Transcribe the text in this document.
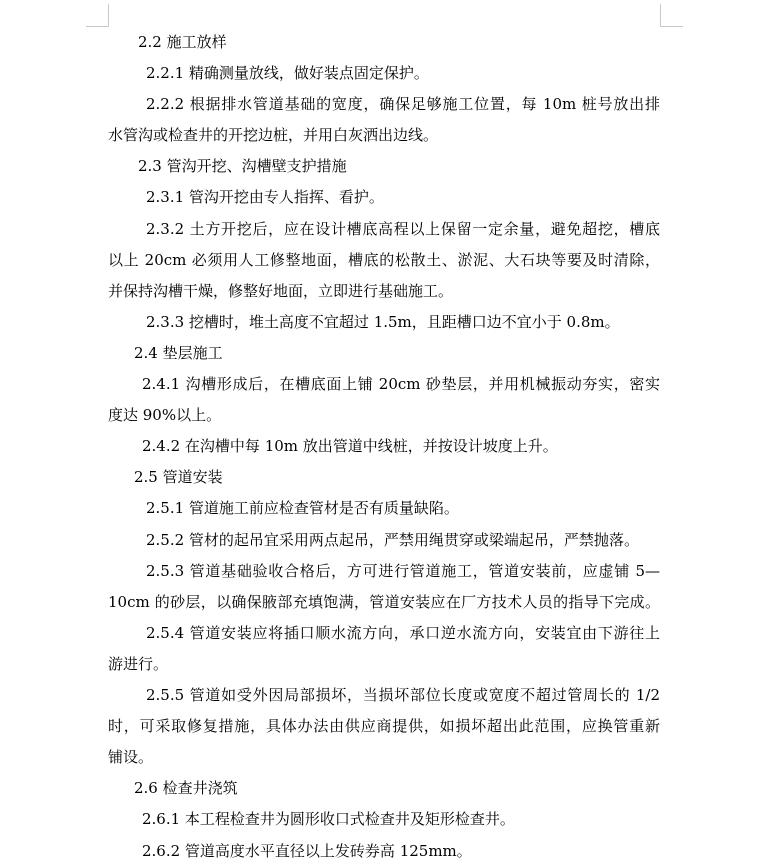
2.2 施工放样
2.2.1 精确测量放线，做好装点固定保护。
2.2.2 根据排水管道基础的宽度，确保足够施工位置，每 10m 桩号放出排
水管沟或检查井的开挖边桩，并用白灰洒出边线。
2.3 管沟开挖、沟槽壁支护措施
2.3.1 管沟开挖由专人指挥、看护。
2.3.2 土方开挖后，应在设计槽底高程以上保留一定余量，避免超挖，槽底
以上 20cm 必须用人工修整地面，槽底的松散土、淤泥、大石块等要及时清除，
并保持沟槽干燥，修整好地面，立即进行基础施工。
2.3.3 挖槽时，堆土高度不宜超过 1.5m，且距槽口边不宜小于 0.8m。
2.4 垫层施工
2.4.1 沟槽形成后，在槽底面上铺 20cm 砂垫层，并用机械振动夯实，密实
度达 90%以上。
2.4.2 在沟槽中每 10m 放出管道中线桩，并按设计坡度上升。
2.5 管道安装
2.5.1 管道施工前应检查管材是否有质量缺陷。
2.5.2 管材的起吊宜采用两点起吊，严禁用绳贯穿或梁端起吊，严禁抛落。
2.5.3 管道基础验收合格后，方可进行管道施工，管道安装前，应虚铺 5—
10cm 的砂层，以确保腋部充填饱满，管道安装应在厂方技术人员的指导下完成。
2.5.4 管道安装应将插口顺水流方向，承口逆水流方向，安装宜由下游往上
游进行。
2.5.5 管道如受外因局部损坏，当损坏部位长度或宽度不超过管周长的 1/2
时，可采取修复措施，具体办法由供应商提供，如损坏超出此范围，应换管重新
铺设。
2.6 检查井浇筑
2.6.1 本工程检查井为圆形收口式检查井及矩形检查井。
2.6.2 管道高度水平直径以上发砖券高 125mm。
